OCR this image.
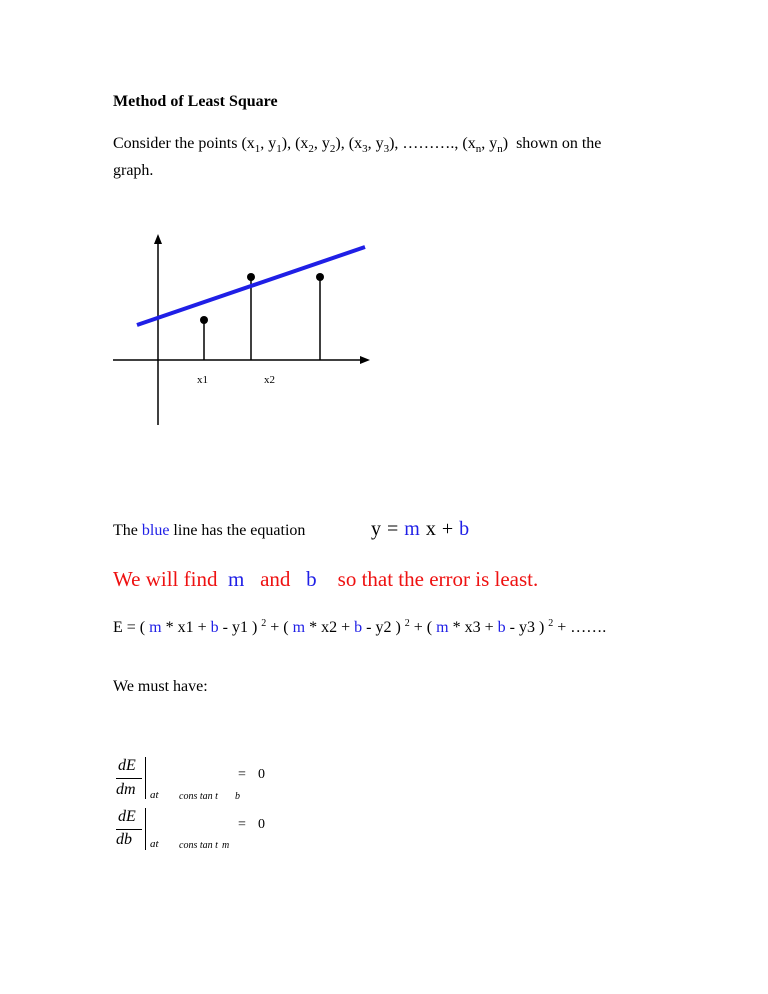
Method of Least Square
Consider the points ($x_1$, $y_1$), ($x_2$, $y_2$), ($x_3$, $y_3$), ………., ($x_n$, $y_n$)  shown on the
graph.
x1	x2
The blue line has the equation	y = m x + b
We will find m and b so that the error is least.
E = ( m * x1 + b - y1 ) $^2$ + ( m * x2 + b - y2 ) $^2$ + ( m * x3 + b - y3 ) $^2$ + …….
We must have:
dE
dm at cons tan t b
= 0
dE
db at cons tan t m
= 0
